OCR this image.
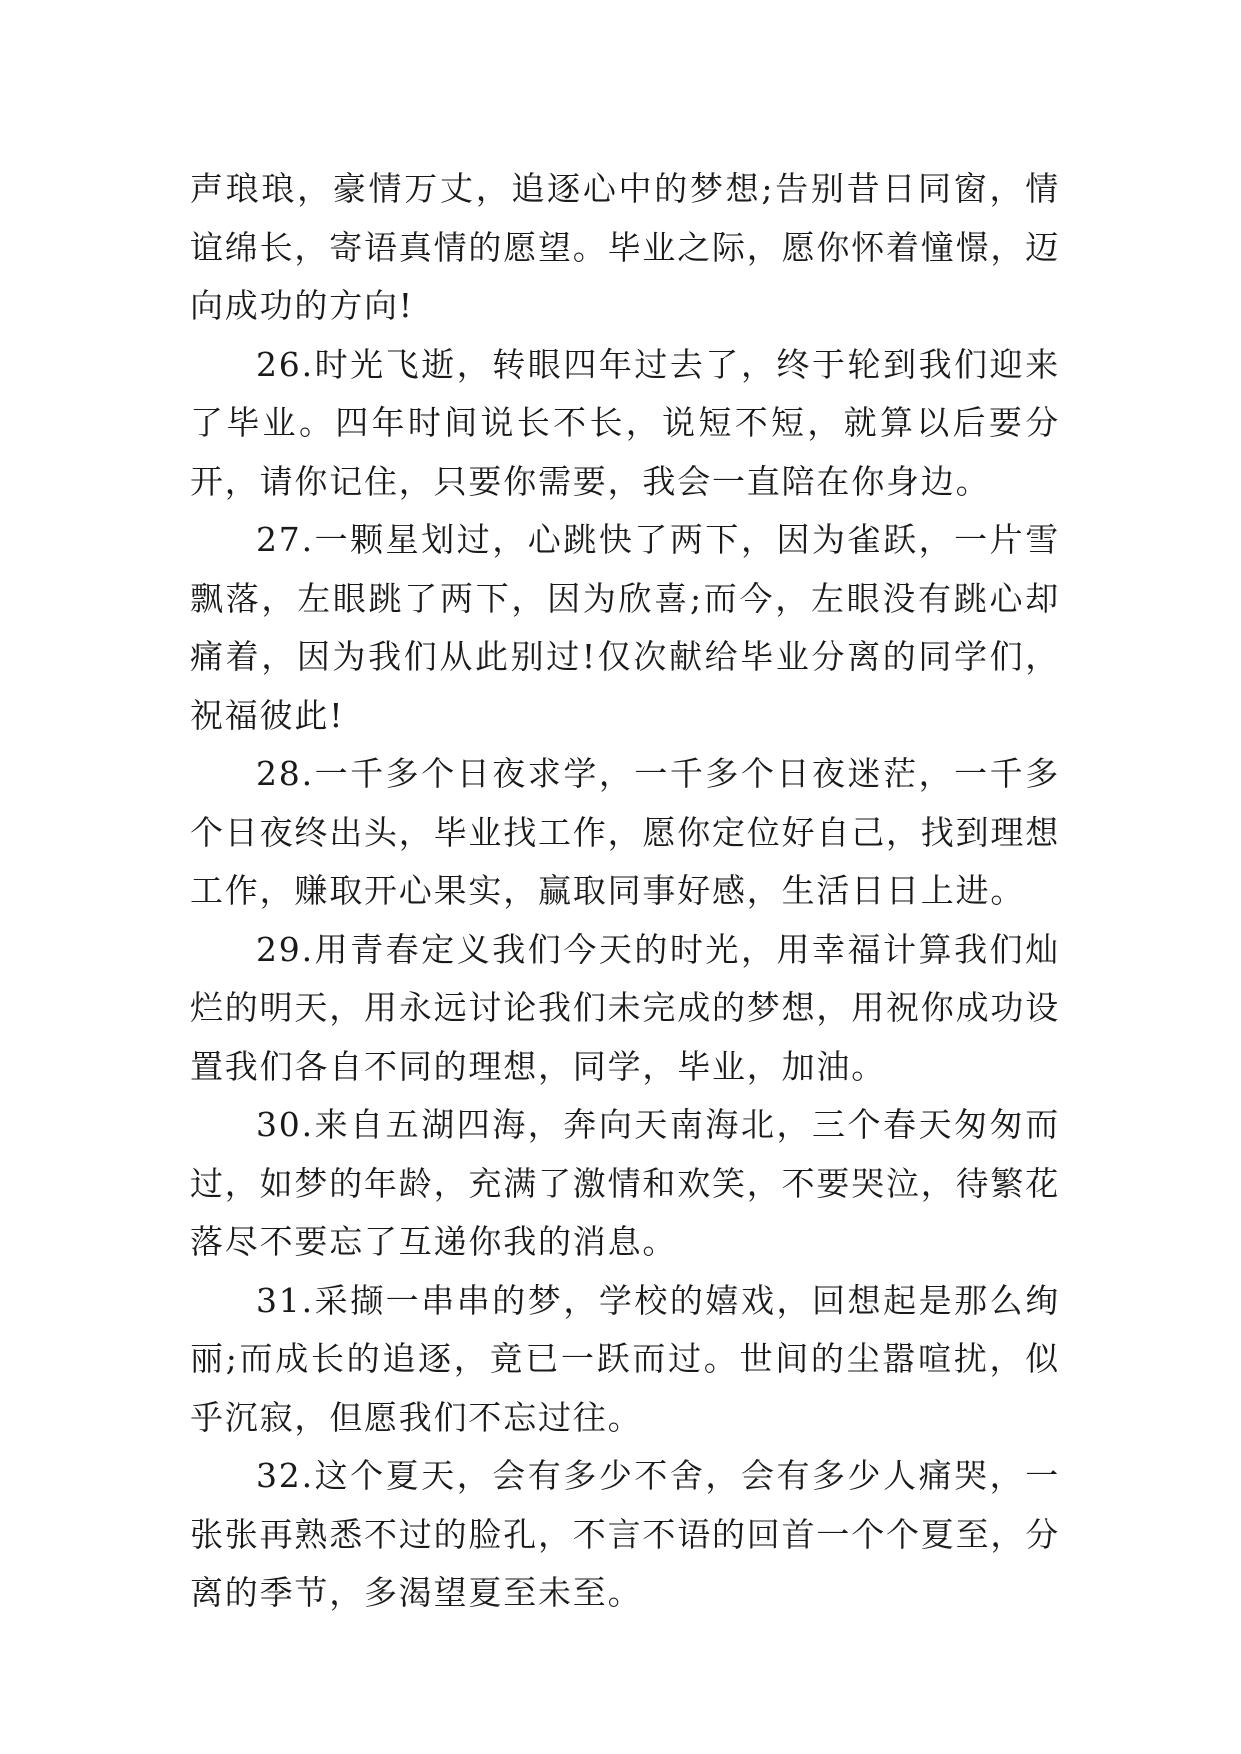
声琅琅，豪情万丈，追逐心中的梦想;告别昔日同窗，情谊绵长，寄语真情的愿望。毕业之际，愿你怀着憧憬，迈向成功的方向!

26.时光飞逝，转眼四年过去了，终于轮到我们迎来了毕业。四年时间说长不长，说短不短，就算以后要分开，请你记住，只要你需要，我会一直陪在你身边。

27.一颗星划过，心跳快了两下，因为雀跃，一片雪飘落，左眼跳了两下，因为欣喜;而今，左眼没有跳心却痛着，因为我们从此别过!仅次献给毕业分离的同学们，祝福彼此!

28.一千多个日夜求学，一千多个日夜迷茫，一千多个日夜终出头，毕业找工作，愿你定位好自己，找到理想工作，赚取开心果实，赢取同事好感，生活日日上进。

29.用青春定义我们今天的时光，用幸福计算我们灿烂的明天，用永远讨论我们未完成的梦想，用祝你成功设置我们各自不同的理想，同学，毕业，加油。

30.来自五湖四海，奔向天南海北，三个春天匆匆而过，如梦的年龄，充满了激情和欢笑，不要哭泣，待繁花落尽不要忘了互递你我的消息。

31.采撷一串串的梦，学校的嬉戏，回想起是那么绚丽;而成长的追逐，竟已一跃而过。世间的尘嚣喧扰，似乎沉寂，但愿我们不忘过往。

32.这个夏天，会有多少不舍，会有多少人痛哭，一张张再熟悉不过的脸孔，不言不语的回首一个个夏至，分离的季节，多渴望夏至未至。
